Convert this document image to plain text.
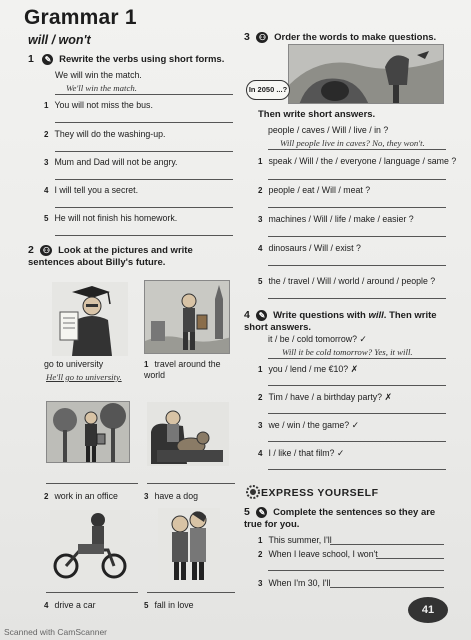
Grammar 1
will / won't
1 ✎ Rewrite the verbs using short forms.
We will win the match.
We'll win the match.
1 You will not miss the bus.
2 They will do the washing-up.
3 Mum and Dad will not be angry.
4 I will tell you a secret.
5 He will not finish his homework.
2 ⚇ Look at the pictures and write sentences about Billy's future.
go to university
He'll go to university.
1 travel around the world
2 work in an office	3 have a dog
4 drive a car	5 fall in love
3 ⚇ Order the words to make questions.
In 2050 ...?
Then write short answers.
people / caves / Will / live / in ?
Will people live in caves? No, they won't.
1 speak / Will / the / everyone / language / same ?
2 people / eat / Will / meat ?
3 machines / Will / life / make / easier ?
4 dinosaurs / Will / exist ?
5 the / travel / Will / world / around / people ?
4 ✎ Write questions with will. Then write short answers.
it / be / cold tomorrow? ✓
Will it be cold tomorrow? Yes, it will.
1 you / lend / me €10? ✗
2 Tim / have / a birthday party? ✗
3 we / win / the game? ✓
4 I / like / that film? ✓
EXPRESS YOURSELF
5 ✎ Complete the sentences so they are true for you.
1 This summer, I'll
2 When I leave school, I won't
3 When I'm 30, I'll
41
Scanned with CamScanner
